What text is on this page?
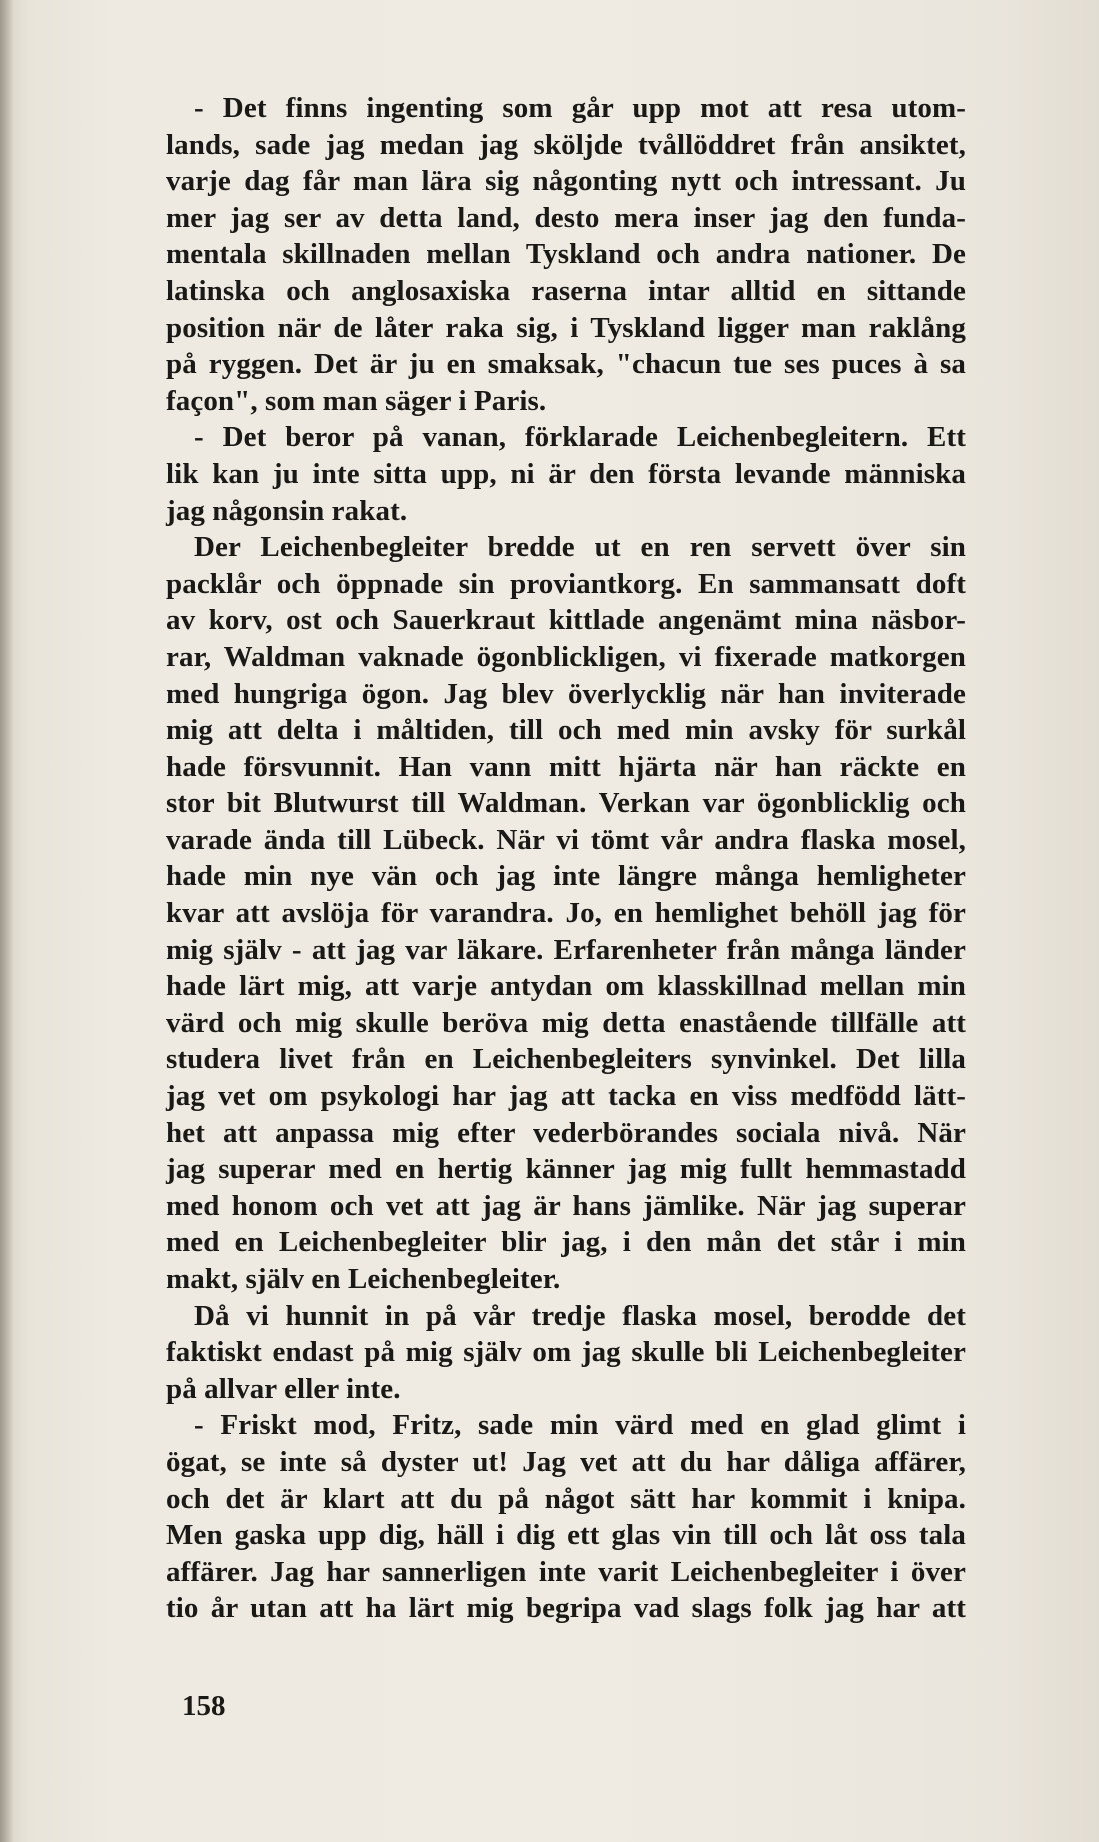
- Det finns ingenting som går upp mot att resa utom-
lands, sade jag medan jag sköljde tvållöddret från ansiktet,
varje dag får man lära sig någonting nytt och intressant. Ju
mer jag ser av detta land, desto mera inser jag den funda-
mentala skillnaden mellan Tyskland och andra nationer. De
latinska och anglosaxiska raserna intar alltid en sittande
position när de låter raka sig, i Tyskland ligger man raklång
på ryggen. Det är ju en smaksak, "chacun tue ses puces à sa
façon", som man säger i Paris.
- Det beror på vanan, förklarade Leichenbegleitern. Ett
lik kan ju inte sitta upp, ni är den första levande människa
jag någonsin rakat.
Der Leichenbegleiter bredde ut en ren servett över sin
packlår och öppnade sin proviantkorg. En sammansatt doft
av korv, ost och Sauerkraut kittlade angenämt mina näsbor-
rar, Waldman vaknade ögonblickligen, vi fixerade matkorgen
med hungriga ögon. Jag blev överlycklig när han inviterade
mig att delta i måltiden, till och med min avsky för surkål
hade försvunnit. Han vann mitt hjärta när han räckte en
stor bit Blutwurst till Waldman. Verkan var ögonblicklig och
varade ända till Lübeck. När vi tömt vår andra flaska mosel,
hade min nye vän och jag inte längre många hemligheter
kvar att avslöja för varandra. Jo, en hemlighet behöll jag för
mig själv - att jag var läkare. Erfarenheter från många länder
hade lärt mig, att varje antydan om klasskillnad mellan min
värd och mig skulle beröva mig detta enastående tillfälle att
studera livet från en Leichenbegleiters synvinkel. Det lilla
jag vet om psykologi har jag att tacka en viss medfödd lätt-
het att anpassa mig efter vederbörandes sociala nivå. När
jag superar med en hertig känner jag mig fullt hemmastadd
med honom och vet att jag är hans jämlike. När jag superar
med en Leichenbegleiter blir jag, i den mån det står i min
makt, själv en Leichenbegleiter.
Då vi hunnit in på vår tredje flaska mosel, berodde det
faktiskt endast på mig själv om jag skulle bli Leichenbegleiter
på allvar eller inte.
- Friskt mod, Fritz, sade min värd med en glad glimt i
ögat, se inte så dyster ut! Jag vet att du har dåliga affärer,
och det är klart att du på något sätt har kommit i knipa.
Men gaska upp dig, häll i dig ett glas vin till och låt oss tala
affärer. Jag har sannerligen inte varit Leichenbegleiter i över
tio år utan att ha lärt mig begripa vad slags folk jag har att
158
